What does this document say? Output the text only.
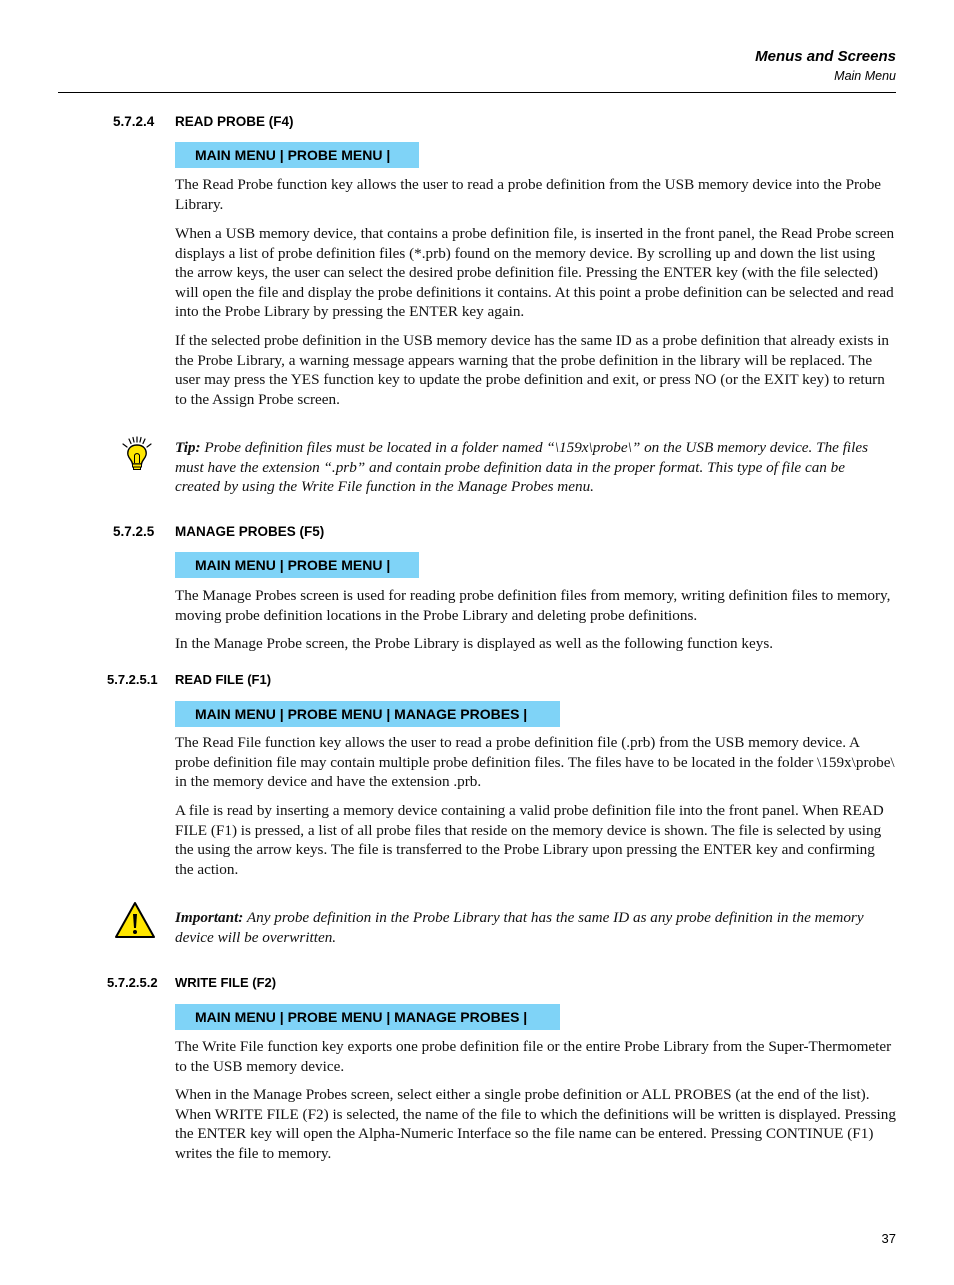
Menus and Screens
Main Menu
5.7.2.4 READ PROBE (F4)
MAIN MENU | PROBE MENU |

The Read Probe function key allows the user to read a probe definition from the USB memory device into the Probe Library.

When a USB memory device, that contains a probe definition file, is inserted in the front panel, the Read Probe screen displays a list of probe definition files (*.prb) found on the memory device. By scrolling up and down the list using the arrow keys, the user can select the desired probe definition file. Pressing the ENTER key (with the file selected) will open the file and display the probe definitions it contains. At this point a probe definition can be selected and read into the Probe Library by pressing the ENTER key again.

If the selected probe definition in the USB memory device has the same ID as a probe definition that already exists in the Probe Library, a warning message appears warning that the probe definition in the library will be replaced. The user may press the YES function key to update the probe definition and exit, or press NO (or the EXIT key) to return to the Assign Probe screen.

Tip: Probe definition files must be located in a folder named “\159x\probe\” on the USB memory device. The files must have the extension “.prb” and contain probe definition data in the proper format. This type of file can be created by using the Write File function in the Manage Probes menu.

5.7.2.5 MANAGE PROBES (F5)
MAIN MENU | PROBE MENU |

The Manage Probes screen is used for reading probe definition files from memory, writing definition files to memory, moving probe definition locations in the Probe Library and deleting probe definitions.

In the Manage Probe screen, the Probe Library is displayed as well as the following function keys.

5.7.2.5.1 READ FILE (F1)
MAIN MENU | PROBE MENU | MANAGE PROBES |

The Read File function key allows the user to read a probe definition file (.prb) from the USB memory device. A probe definition file may contain multiple probe definition files. The files have to be located in the folder \159x\probe\ in the memory device and have the extension .prb.

A file is read by inserting a memory device containing a valid probe definition file into the front panel. When READ FILE (F1) is pressed, a list of all probe files that reside on the memory device is shown. The file is selected by using the using the arrow keys. The file is transferred to the Probe Library upon pressing the ENTER key and confirming the action.

Important: Any probe definition in the Probe Library that has the same ID as any probe definition in the memory device will be overwritten.

5.7.2.5.2 WRITE FILE (F2)
MAIN MENU | PROBE MENU | MANAGE PROBES |

The Write File function key exports one probe definition file or the entire Probe Library from the Super-Thermometer to the USB memory device.

When in the Manage Probes screen, select either a single probe definition or ALL PROBES (at the end of the list). When WRITE FILE (F2) is selected, the name of the file to which the definitions will be written is displayed. Pressing the ENTER key will open the Alpha-Numeric Interface so the file name can be entered. Pressing CONTINUE (F1) writes the file to memory.

37
